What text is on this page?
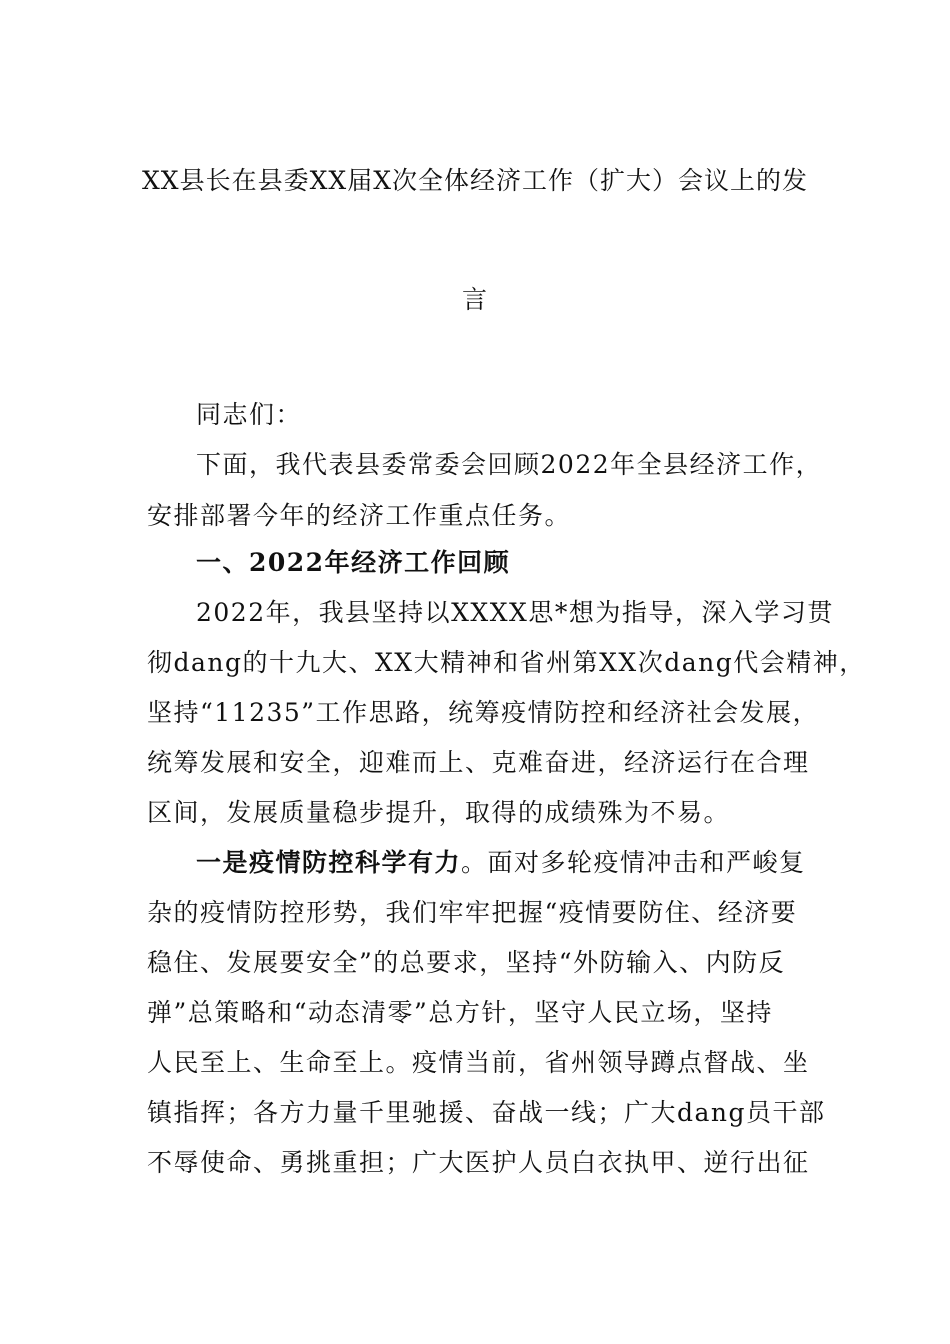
XX县长在县委XX届X次全体经济工作（扩大）会议上的发
言
同志们：
下面，我代表县委常委会回顾2022年全县经济工作，
安排部署今年的经济工作重点任务。
一、2022年经济工作回顾
2022年，我县坚持以XXXX思*想为指导，深入学习贯
彻dang的十九大、XX大精神和省州第XX次dang代会精神，
坚持“11235”工作思路，统筹疫情防控和经济社会发展，
统筹发展和安全，迎难而上、克难奋进，经济运行在合理
区间，发展质量稳步提升，取得的成绩殊为不易。
一是疫情防控科学有力。面对多轮疫情冲击和严峻复
杂的疫情防控形势，我们牢牢把握“疫情要防住、经济要
稳住、发展要安全”的总要求，坚持“外防输入、内防反
弹”总策略和“动态清零”总方针，坚守人民立场，坚持
人民至上、生命至上。疫情当前，省州领导蹲点督战、坐
镇指挥；各方力量千里驰援、奋战一线；广大dang员干部
不辱使命、勇挑重担；广大医护人员白衣执甲、逆行出征
